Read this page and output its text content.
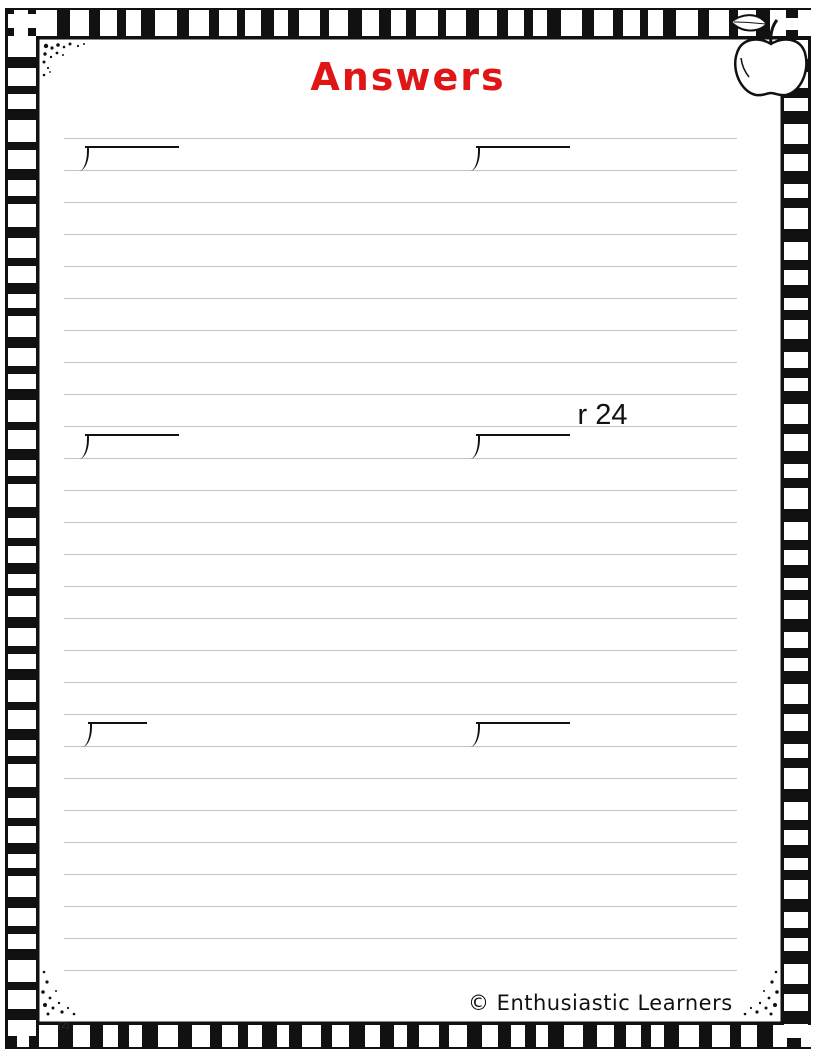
Answers
r 24
© Enthusiastic Learners
(2)
